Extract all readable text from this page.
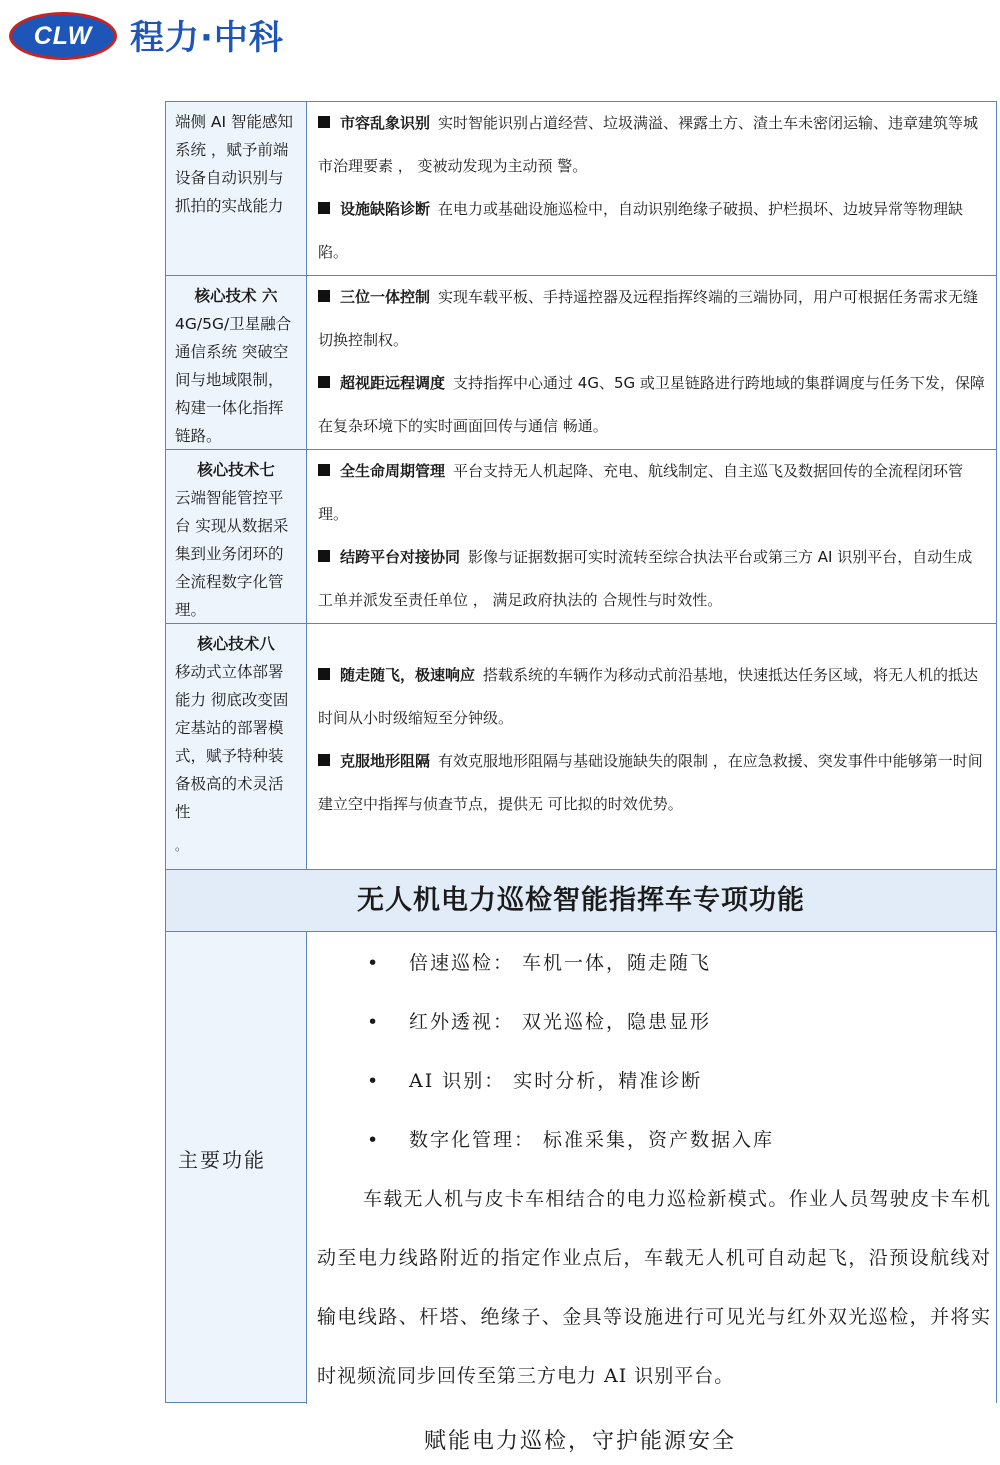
CLW 程力·中科
端侧 AI 智能感知系统 ，赋予前端设备自动识别与抓拍的实战能力

市容乱象识别 实时智能识别占道经营、垃圾满溢、裸露土方、渣土车未密闭运输、违章建筑等城市治理要素 ， 变被动发现为主动预 警。

设施缺陷诊断 在电力或基础设施巡检中，自动识别绝缘子破损、护栏损坏、边坡异常等物理缺陷。

核心技术 六
4G/5G/卫星融合通信系统 突破空间与地域限制，构建一体化指挥链路。

三位一体控制 实现车载平板、手持遥控器及远程指挥终端的三端协同，用户可根据任务需求无缝切换控制权。

超视距远程调度 支持指挥中心通过 4G、5G 或卫星链路进行跨地域的集群调度与任务下发，保障在复杂环境下的实时画面回传与通信 畅通。

核心技术七
云端智能管控平台 实现从数据采集到业务闭环的全流程数字化管理。

全生命周期管理 平台支持无人机起降、充电、航线制定、自主巡飞及数据回传的全流程闭环管理。

结跨平台对接协同 影像与证据数据可实时流转至综合执法平台或第三方 AI 识别平台，自动生成工单并派发至责任单位 ， 满足政府执法的 合规性与时效性。

核心技术八
移动式立体部署能力 彻底改变固定基站的部署模式，赋予特种装备极高的术灵活性
。

随走随飞，极速响应 搭载系统的车辆作为移动式前沿基地，快速抵达任务区域，将无人机的抵达时间从小时级缩短至分钟级。

克服地形阻隔 有效克服地形阻隔与基础设施缺失的限制 ，在应急救援、突发事件中能够第一时间建立空中指挥与侦查节点，提供无 可比拟的时效优势。

无人机电力巡检智能指挥车专项功能
主要功能
• 倍速巡检： 车机一体，随走随飞
• 红外透视： 双光巡检，隐患显形
• AI 识别： 实时分析，精准诊断
• 数字化管理： 标准采集，资产数据入库
车载无人机与皮卡车相结合的电力巡检新模式。作业人员驾驶皮卡车机动至电力线路附近的指定作业点后，车载无人机可自动起飞，沿预设航线对输电线路、杆塔、绝缘子、金具等设施进行可见光与红外双光巡检，并将实时视频流同步回传至第三方电力 AI 识别平台。
赋能电力巡检，守护能源安全
